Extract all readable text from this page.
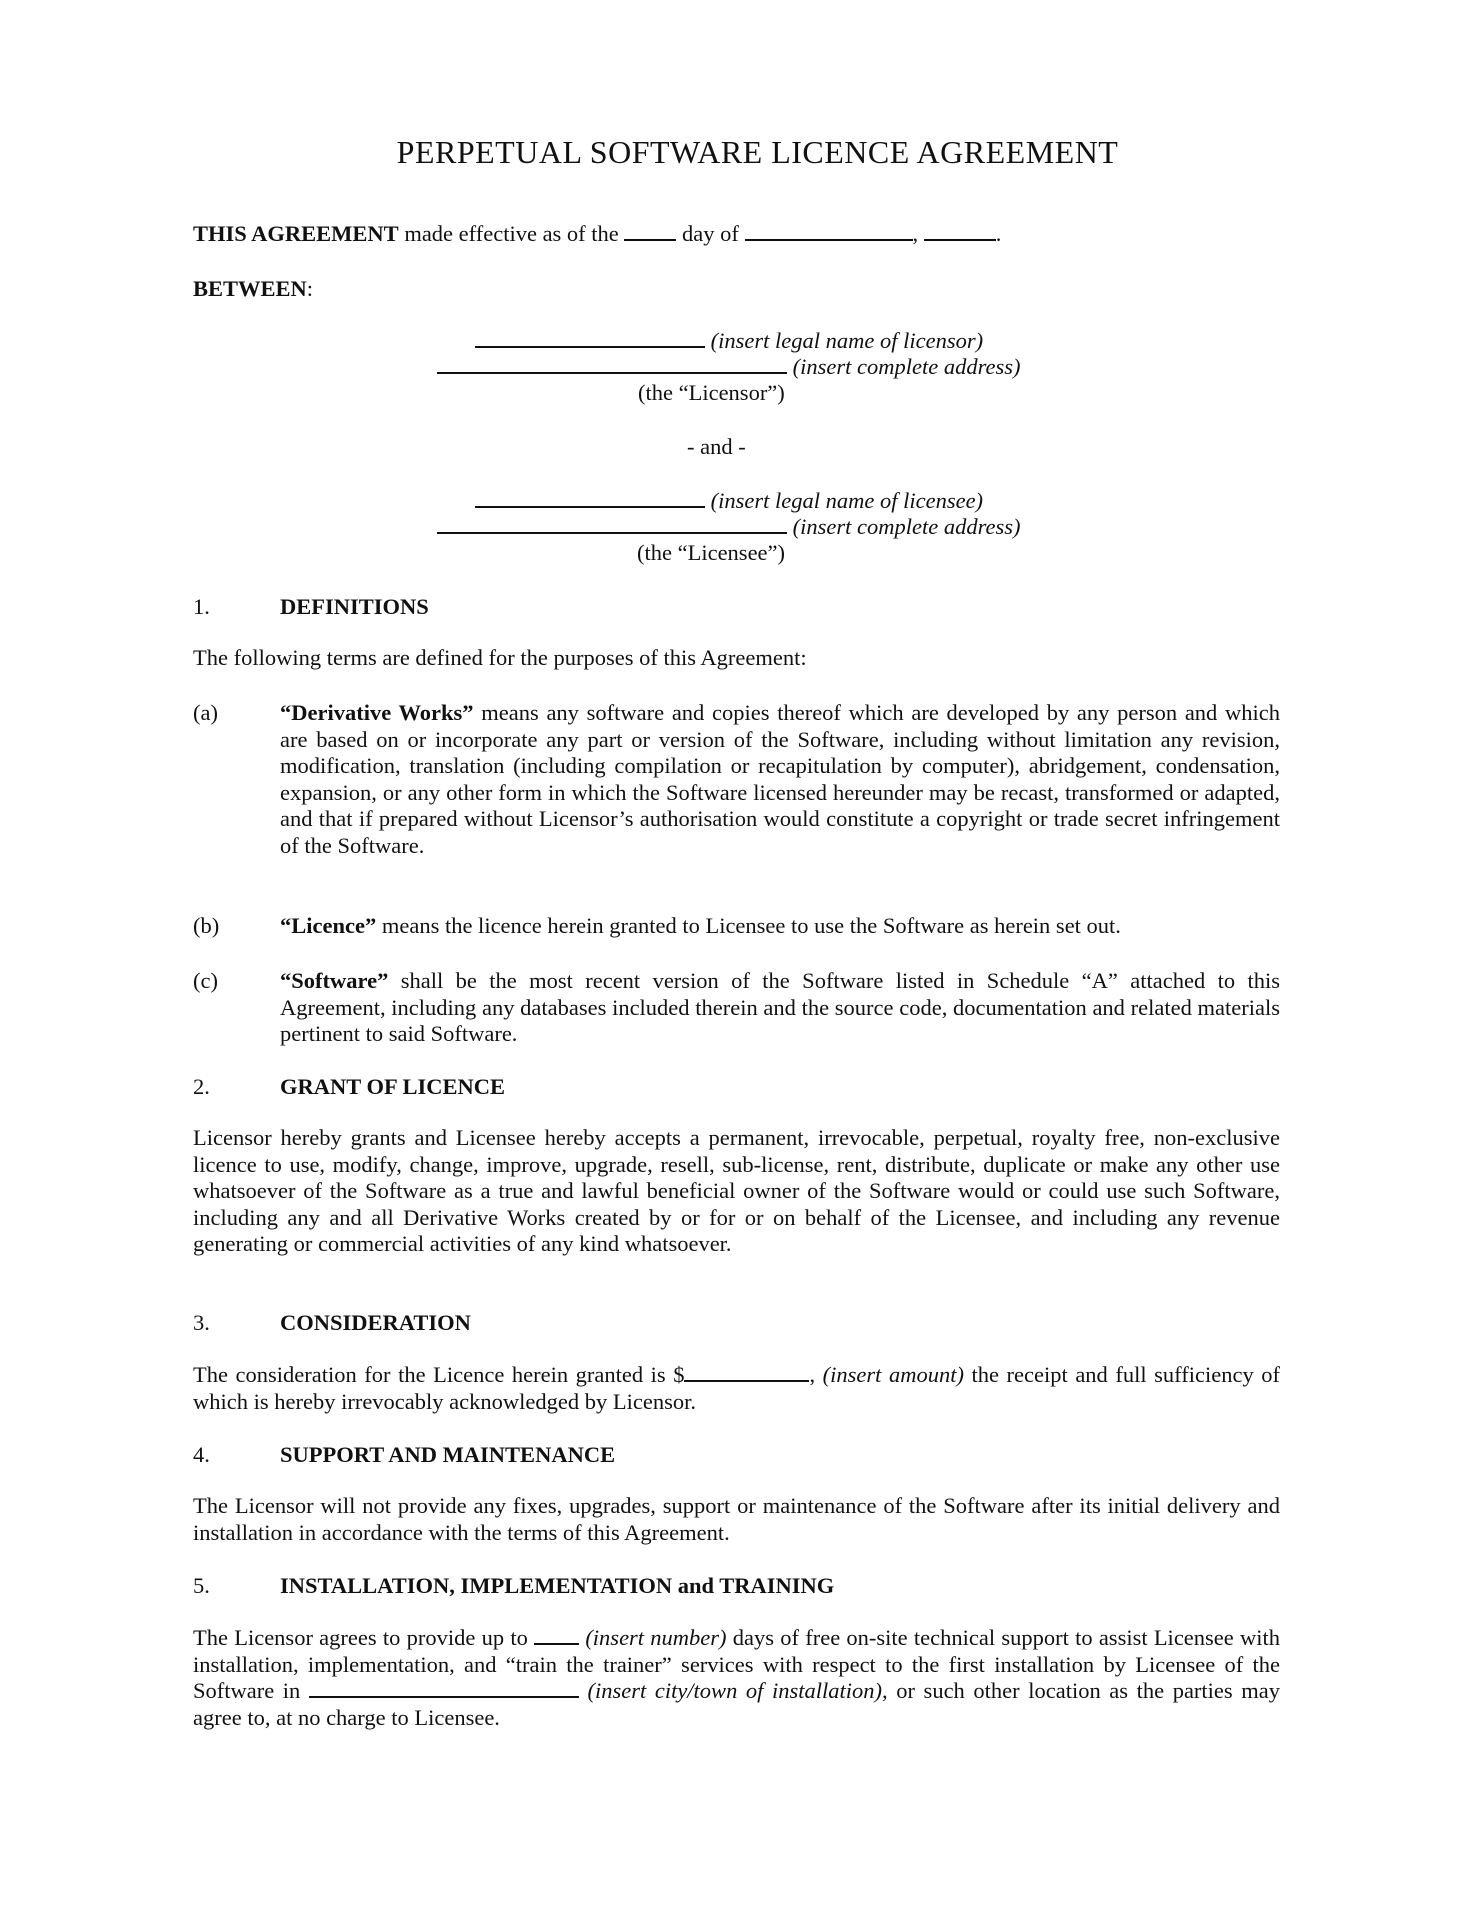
PERPETUAL SOFTWARE LICENCE AGREEMENT
THIS AGREEMENT made effective as of the  day of	,	.
BETWEEN:
(insert legal name of licensor)
(insert complete address)
(the “Licensor”)
- and -
(insert legal name of licensee)
(insert complete address)
(the “Licensee”)
1.	DEFINITIONS
The following terms are defined for the purposes of this Agreement:
(a)	“Derivative Works” means any software and copies thereof which are developed by any person and which are based on or incorporate any part or version of the Software, including without limitation any revision, modification, translation (including compilation or recapitulation by computer), abridgement, condensation, expansion, or any other form in which the Software licensed hereunder may be recast, transformed or adapted, and that if prepared without Licensor’s authorisation would constitute a copyright or trade secret infringement of the Software.
(b)	“Licence” means the licence herein granted to Licensee to use the Software as herein set out.
(c)	“Software” shall be the most recent version of the Software listed in Schedule “A” attached to this Agreement, including any databases included therein and the source code, documentation and related materials pertinent to said Software.
2.	GRANT OF LICENCE
Licensor hereby grants and Licensee hereby accepts a permanent, irrevocable, perpetual, royalty free, non-exclusive licence to use, modify, change, improve, upgrade, resell, sub-license, rent, distribute, duplicate or make any other use whatsoever of the Software as a true and lawful beneficial owner of the Software would or could use such Software, including any and all Derivative Works created by or for or on behalf of the Licensee, and including any revenue generating or commercial activities of any kind whatsoever.
3.	CONSIDERATION
The consideration for the Licence herein granted is $	, (insert amount) the receipt and full sufficiency of which is hereby irrevocably acknowledged by Licensor.
4.	SUPPORT AND MAINTENANCE
The Licensor will not provide any fixes, upgrades, support or maintenance of the Software after its initial delivery and installation in accordance with the terms of this Agreement.
5.	INSTALLATION, IMPLEMENTATION and TRAINING
The Licensor agrees to provide up to  (insert number) days of free on-site technical support to assist Licensee with installation, implementation, and “train the trainer” services with respect to the first installation by Licensee of the Software in	(insert city/town of installation), or such other location as the parties may agree to, at no charge to Licensee.
